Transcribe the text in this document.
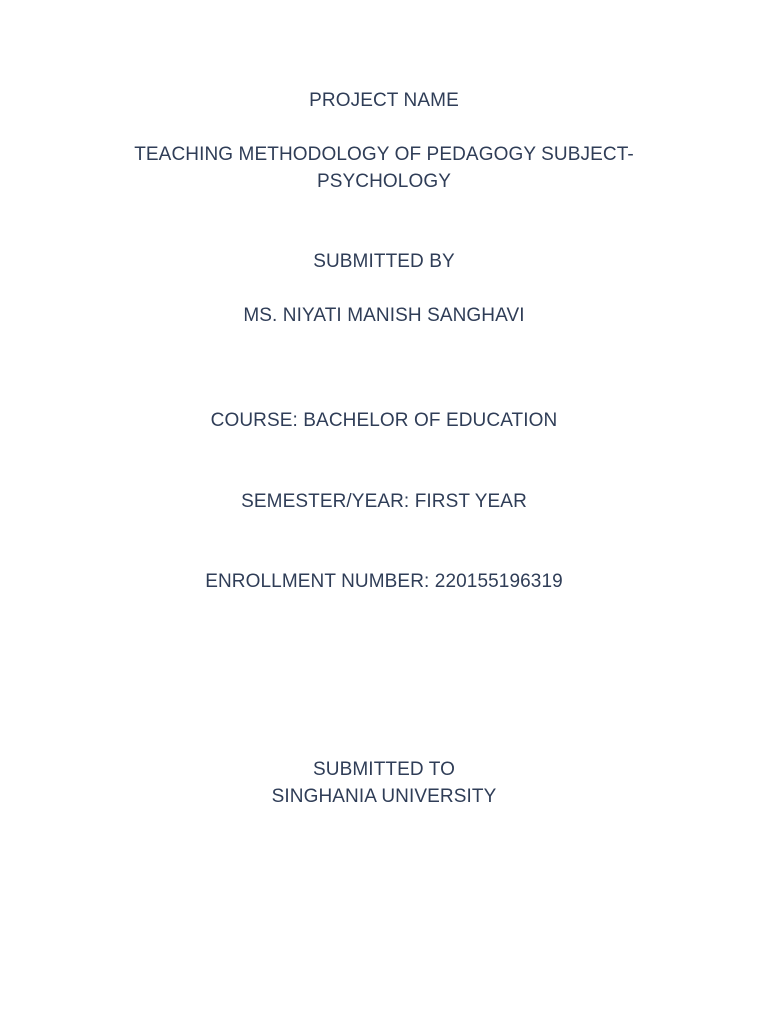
PROJECT NAME
TEACHING METHODOLOGY OF PEDAGOGY SUBJECT-
PSYCHOLOGY
SUBMITTED BY
MS. NIYATI MANISH SANGHAVI
COURSE: BACHELOR OF EDUCATION
SEMESTER/YEAR: FIRST YEAR
ENROLLMENT NUMBER: 220155196319
SUBMITTED TO
SINGHANIA UNIVERSITY
